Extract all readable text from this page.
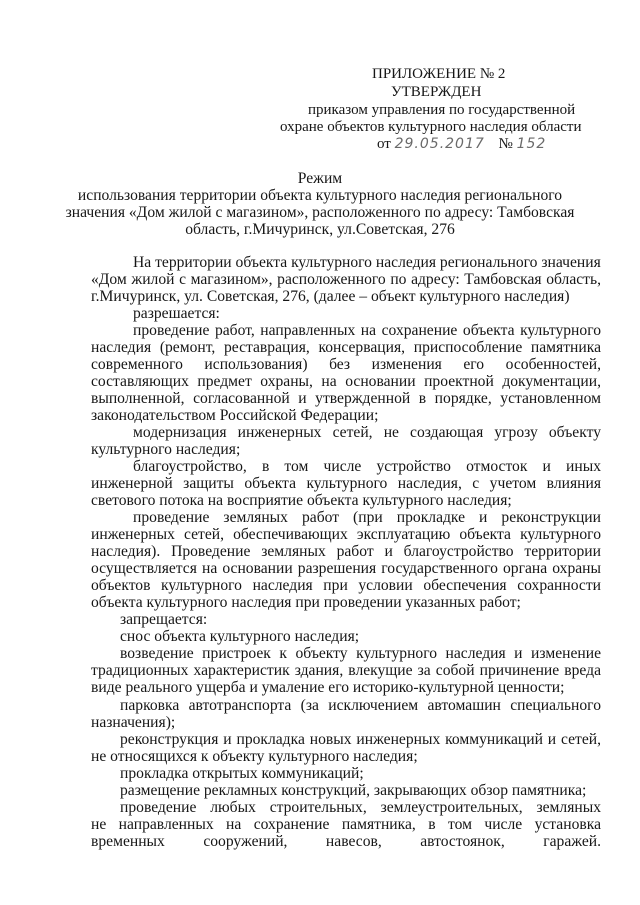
ПРИЛОЖЕНИЕ № 2
УТВЕРЖДЕН
приказом управления по государственной
охране объектов культурного наследия области
от 29.05.2017 № 152
Режим
использования территории объекта культурного наследия регионального
значения «Дом жилой с магазином», расположенного по адресу: Тамбовская
область, г.Мичуринск, ул.Советская, 276
На территории объекта культурного наследия регионального значения
«Дом жилой с магазином», расположенного по адресу: Тамбовская область,
г.Мичуринск, ул. Советская, 276, (далее – объект культурного наследия)
разрешается:
проведение работ, направленных на сохранение объекта культурного
наследия (ремонт, реставрация, консервация, приспособление памятника
современного использования) без изменения его особенностей,
составляющих предмет охраны, на основании проектной документации,
выполненной, согласованной и утвержденной в порядке, установленном
законодательством Российской Федерации;
модернизация инженерных сетей, не создающая угрозу объекту
культурного наследия;
благоустройство, в том числе устройство отмосток и иных
инженерной защиты объекта культурного наследия, с учетом влияния
светового потока на восприятие объекта культурного наследия;
проведение земляных работ (при прокладке и реконструкции
инженерных сетей, обеспечивающих эксплуатацию объекта культурного
наследия). Проведение земляных работ и благоустройство территории
осуществляется на основании разрешения государственного органа охраны
объектов культурного наследия при условии обеспечения сохранности
объекта культурного наследия при проведении указанных работ;
запрещается:
снос объекта культурного наследия;
возведение пристроек к объекту культурного наследия и изменение
традиционных характеристик здания, влекущие за собой причинение вреда
виде реального ущерба и умаление его историко-культурной ценности;
парковка автотранспорта (за исключением автомашин специального
назначения);
реконструкция и прокладка новых инженерных коммуникаций и сетей,
не относящихся к объекту культурного наследия;
прокладка открытых коммуникаций;
размещение рекламных конструкций, закрывающих обзор памятника;
проведение любых строительных, землеустроительных, земляных
не направленных на сохранение памятника, в том числе установка
временных сооружений, навесов, автостоянок, гаражей.
